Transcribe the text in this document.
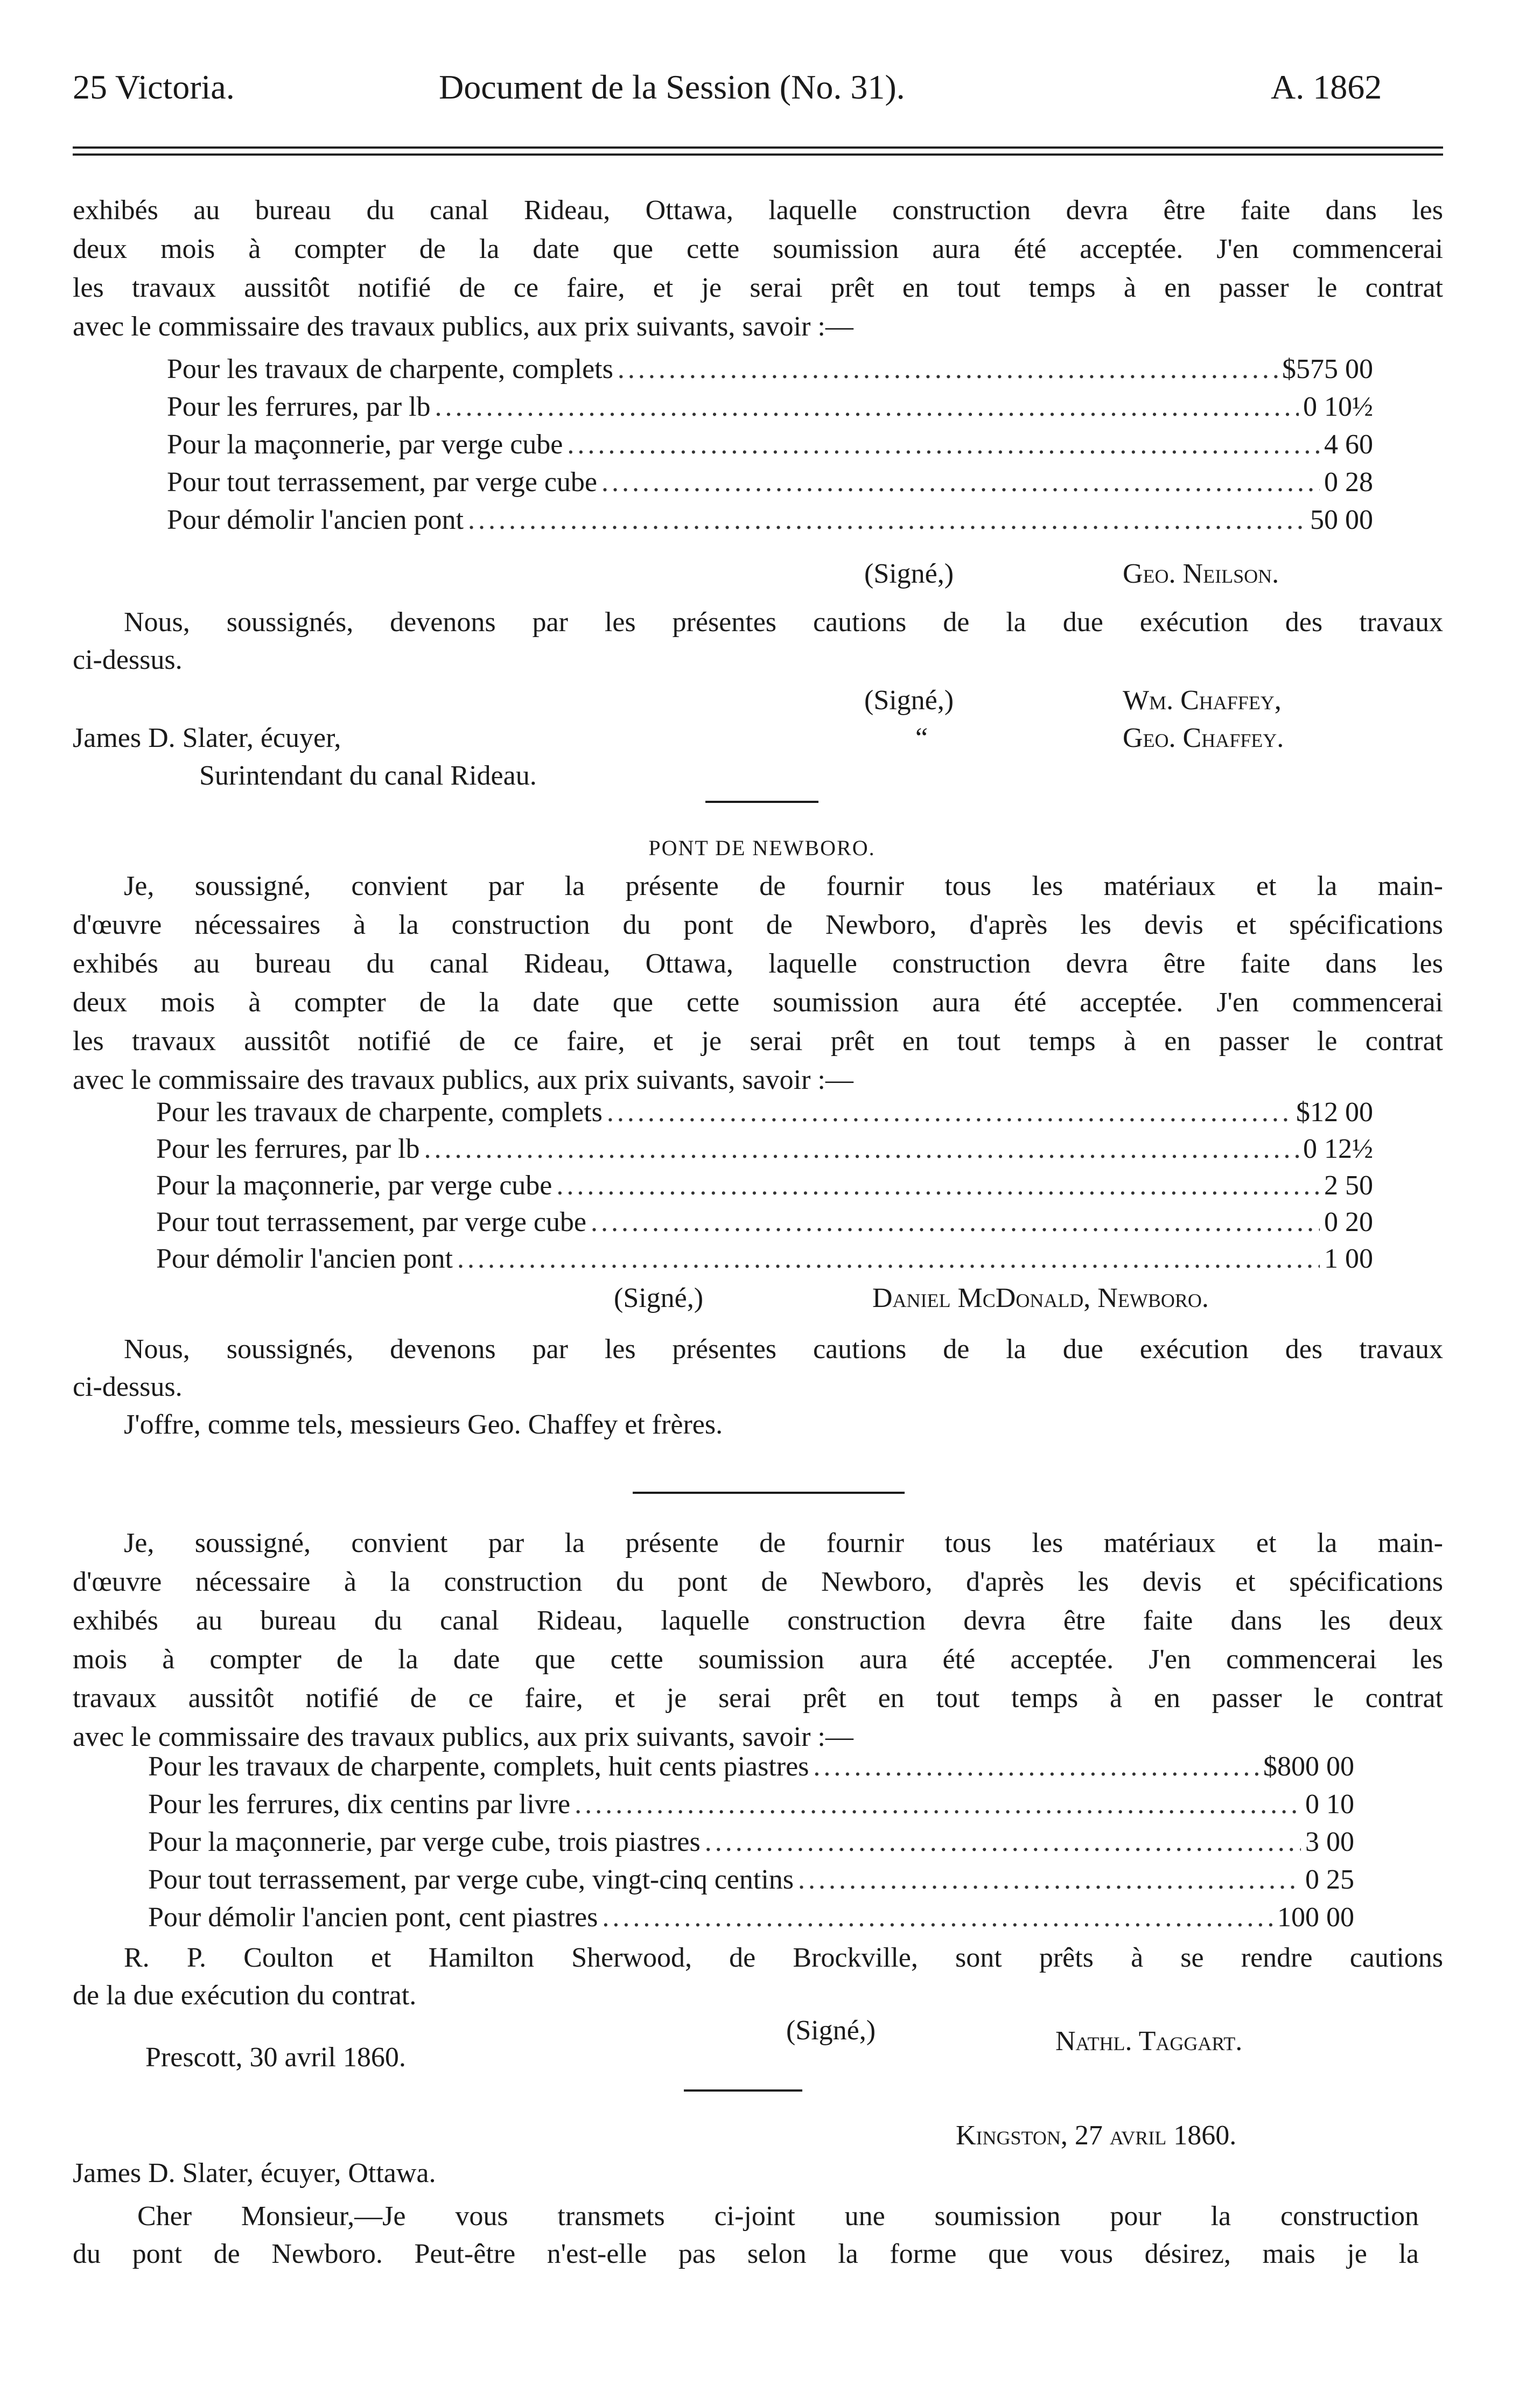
25 Victoria.	Document de la Session (No. 31).	A. 1862
exhibés au bureau du canal Rideau, Ottawa, laquelle construction devra être faite dans les
deux mois à compter de la date que cette soumission aura été acceptée. J'en commencerai
les travaux aussitôt notifié de ce faire, et je serai prêt en tout temps à en passer le contrat
avec le commissaire des travaux publics, aux prix suivants, savoir :—
Pour les travaux de charpente, complets .....	$575 00
Pour les ferrures, par lb .....	0 10½
Pour la maçonnerie, par verge cube .....	4 60
Pour tout terrassement, par verge cube .....	0 28
Pour démolir l'ancien pont .....	50 00
(Signé,)	Geo. Neilson.
Nous, soussignés, devenons par les présentes cautions de la due exécution des travaux
ci-dessus.
(Signé,)	Wm. Chaffey,
“	Geo. Chaffey.
James D. Slater, écuyer,
Surintendant du canal Rideau.
PONT DE NEWBORO.
Je, soussigné, convient par la présente de fournir tous les matériaux et la main-
d'œuvre nécessaires à la construction du pont de Newboro, d'après les devis et spécifications
exhibés au bureau du canal Rideau, Ottawa, laquelle construction devra être faite dans les
deux mois à compter de la date que cette soumission aura été acceptée. J'en commencerai
les travaux aussitôt notifié de ce faire, et je serai prêt en tout temps à en passer le contrat
avec le commissaire des travaux publics, aux prix suivants, savoir :—
Pour les travaux de charpente, complets .....	$12 00
Pour les ferrures, par lb .....	0 12½
Pour la maçonnerie, par verge cube .....	2 50
Pour tout terrassement, par verge cube .....	0 20
Pour démolir l'ancien pont .....	1 00
(Signé,)	Daniel McDonald, Newboro.
Nous, soussignés, devenons par les présentes cautions de la due exécution des travaux
ci-dessus.
J'offre, comme tels, messieurs Geo. Chaffey et frères.
Je, soussigné, convient par la présente de fournir tous les matériaux et la main-
d'œuvre nécessaire à la construction du pont de Newboro, d'après les devis et spécifications
exhibés au bureau du canal Rideau, laquelle construction devra être faite dans les deux
mois à compter de la date que cette soumission aura été acceptée. J'en commencerai les
travaux aussitôt notifié de ce faire, et je serai prêt en tout temps à en passer le contrat
avec le commissaire des travaux publics, aux prix suivants, savoir :—
Pour les travaux de charpente, complets, huit cents piastres .....	$800 00
Pour les ferrures, dix centins par livre .....	0 10
Pour la maçonnerie, par verge cube, trois piastres .....	3 00
Pour tout terrassement, par verge cube, vingt-cinq centins .....	0 25
Pour démolir l'ancien pont, cent piastres .....	100 00
R. P. Coulton et Hamilton Sherwood, de Brockville, sont prêts à se rendre cautions
de la due exécution du contrat.
(Signé,)	Nathl. Taggart.
Prescott, 30 avril 1860.
Kingston, 27 avril 1860.
James D. Slater, écuyer, Ottawa.
Cher Monsieur,—Je vous transmets ci-joint une soumission pour la construction
du pont de Newboro. Peut-être n'est-elle pas selon la forme que vous désirez, mais je la
